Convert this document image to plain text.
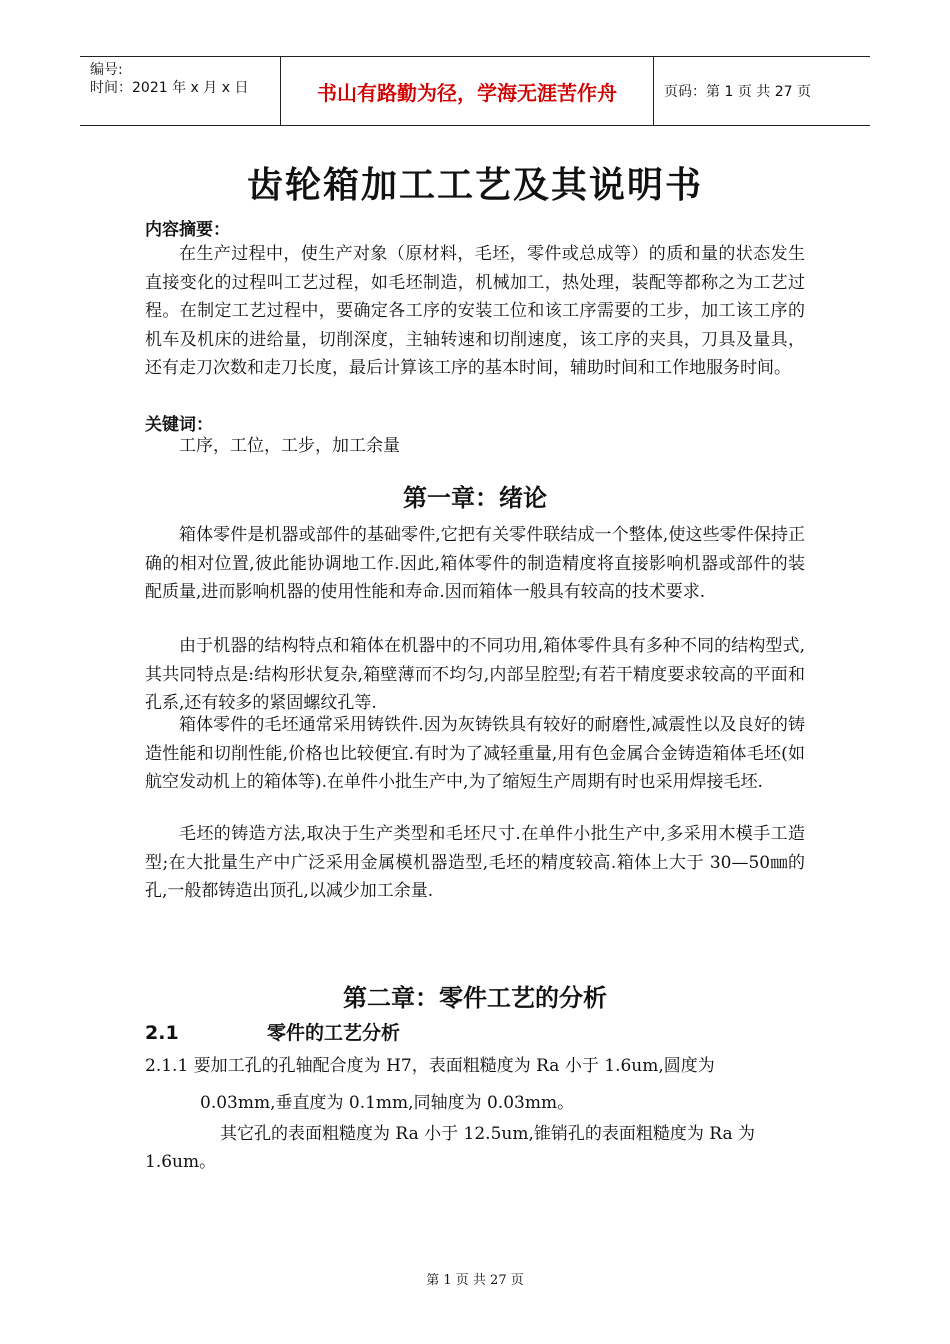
编号:
时间：2021 年 x 月 x 日	书山有路勤为径，学海无涯苦作舟	页码：第 1 页 共 27 页
齿轮箱加工工艺及其说明书
内容摘要：
在生产过程中，使生产对象（原材料，毛坯，零件或总成等）的质和量的状态发生直接变化的过程叫工艺过程，如毛坯制造，机械加工，热处理，装配等都称之为工艺过程。在制定工艺过程中，要确定各工序的安装工位和该工序需要的工步，加工该工序的机车及机床的进给量，切削深度，主轴转速和切削速度，该工序的夹具，刀具及量具，还有走刀次数和走刀长度，最后计算该工序的基本时间，辅助时间和工作地服务时间。
关键词：
工序，工位，工步，加工余量
第一章：绪论
箱体零件是机器或部件的基础零件,它把有关零件联结成一个整体,使这些零件保持正确的相对位置,彼此能协调地工作.因此,箱体零件的制造精度将直接影响机器或部件的装配质量,进而影响机器的使用性能和寿命.因而箱体一般具有较高的技术要求.
由于机器的结构特点和箱体在机器中的不同功用,箱体零件具有多种不同的结构型式,其共同特点是:结构形状复杂,箱壁薄而不均匀,内部呈腔型;有若干精度要求较高的平面和孔系,还有较多的紧固螺纹孔等.
箱体零件的毛坯通常采用铸铁件.因为灰铸铁具有较好的耐磨性,减震性以及良好的铸造性能和切削性能,价格也比较便宜.有时为了减轻重量,用有色金属合金铸造箱体毛坯(如航空发动机上的箱体等).在单件小批生产中,为了缩短生产周期有时也采用焊接毛坯.
毛坯的铸造方法,取决于生产类型和毛坯尺寸.在单件小批生产中,多采用木模手工造型;在大批量生产中广泛采用金属模机器造型,毛坯的精度较高.箱体上大于 30—50㎜的孔,一般都铸造出顶孔,以减少加工余量.
第二章：零件工艺的分析
2.1	零件的工艺分析
2.1.1 要加工孔的孔轴配合度为 H7，表面粗糙度为 Ra 小于 1.6um,圆度为
0.03mm,垂直度为 0.1mm,同轴度为 0.03mm。
其它孔的表面粗糙度为 Ra 小于 12.5um,锥销孔的表面粗糙度为 Ra 为
1.6um。
第 1 页 共 27 页
